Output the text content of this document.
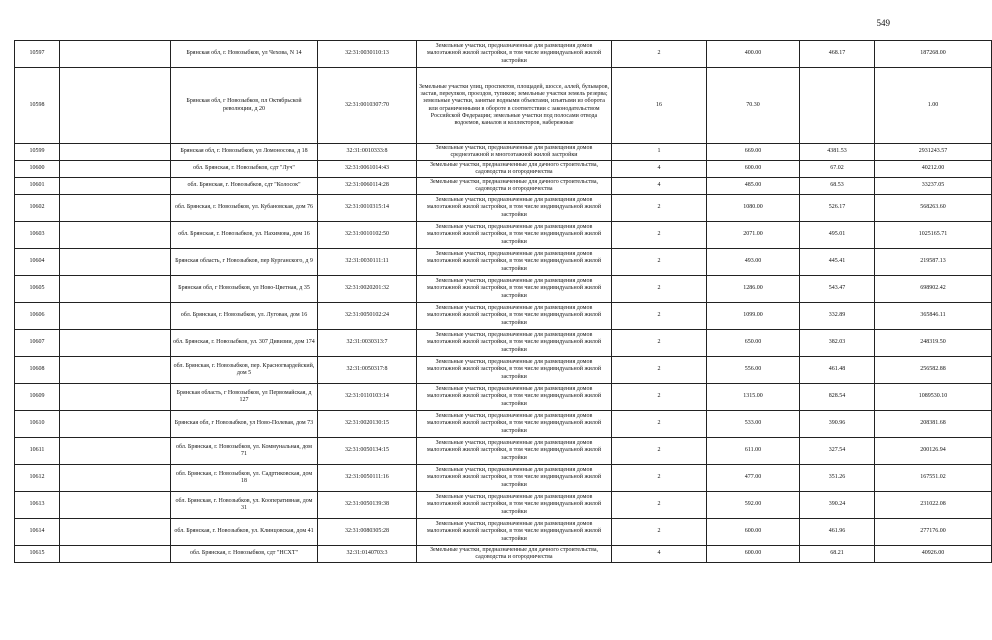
549
10597		Брянская обл, г. Новозыбков, ул Чехова, N 14	32:31:0030110:13	Земельные участки, предназначенные для размещения домов малоэтажной жилой застройки, в том числе индивидуальной жилой застройки	2	400.00	468.17	187268.00
10598		Брянская обл, г Новозыбков, пл Октябрьской революции, д 20	32:31:0010307:70	Земельные участки улиц, проспектов, площадей, шоссе, аллей, бульваров, застав, переулков, проездов, тупиков; земельные участки земель резерва; земельные участки, занятые водными объектами, изъятыми из оборота или ограниченными в обороте в соответствии с законодательством Российской Федерации; земельные участки под полосами отвода водоемов, каналов и коллекторов, набережные	16	70.30		1.00
10599		Брянская обл, г. Новозыбков, ул Ломоносова, д 18	32:31:0010333:8	Земельные участки, предназначенные для размещения домов среднеэтажной и многоэтажной жилой застройки	1	669.00	4381.53	2931243.57
10600		обл. Брянская, г. Новозыбков, сдт "Луч"	32:31:0061014:43	Земельные участки, предназначенные для дачного строительства, садоводства и огородничества	4	600.00	67.02	40212.00
10601		обл. Брянская, г. Новозыбков, сдт "Колосок"	32:31:0060114:28	Земельные участки, предназначенные для дачного строительства, садоводства и огородничества	4	485.00	68.53	33237.05
10602		обл. Брянская, г. Новозыбков, ул. Кубановская, дом 76	32:31:0010315:14	Земельные участки, предназначенные для размещения домов малоэтажной жилой застройки, в том числе индивидуальной жилой застройки	2	1080.00	526.17	568263.60
10603		обл. Брянская, г. Новозыбков, ул. Нахимова, дом 16	32:31:0010102:50	Земельные участки, предназначенные для размещения домов малоэтажной жилой застройки, в том числе индивидуальной жилой застройки	2	2071.00	495.01	1025165.71
10604		Брянская область, г Новозыбков, пер Курганского, д 9	32:31:0030111:11	Земельные участки, предназначенные для размещения домов малоэтажной жилой застройки, в том числе индивидуальной жилой застройки	2	493.00	445.41	219587.13
10605		Брянская обл, г Новозыбков, ул Ново-Цветная, д 35	32:31:0020201:32	Земельные участки, предназначенные для размещения домов малоэтажной жилой застройки, в том числе индивидуальной жилой застройки	2	1286.00	543.47	698902.42
10606		обл. Брянская, г. Новозыбков, ул. Луговая, дом 16	32:31:0050102:24	Земельные участки, предназначенные для размещения домов малоэтажной жилой застройки, в том числе индивидуальной жилой застройки	2	1099.00	332.89	365846.11
10607		обл. Брянская, г. Новозыбков, ул. 307 Дивизии, дом 174	32:31:0030313:7	Земельные участки, предназначенные для размещения домов малоэтажной жилой застройки, в том числе индивидуальной жилой застройки	2	650.00	382.03	248319.50
10608		обл. Брянская, г. Новозыбков, пер. Красногвардейский, дом 5	32:31:0050317:8	Земельные участки, предназначенные для размещения домов малоэтажной жилой застройки, в том числе индивидуальной жилой застройки	2	556.00	461.48	256582.88
10609		Брянская область, г Новозыбков, ул Первомайская, д 127	32:31:0110103:14	Земельные участки, предназначенные для размещения домов малоэтажной жилой застройки, в том числе индивидуальной жилой застройки	2	1315.00	828.54	1089530.10
10610		Брянская обл, г Новозыбков, ул Ново-Полевая, дом 73	32:31:0020130:15	Земельные участки, предназначенные для размещения домов малоэтажной жилой застройки, в том числе индивидуальной жилой застройки	2	533.00	390.96	208381.68
10611		обл. Брянская, г. Новозыбков, ул. Коммунальная, дом 71	32:31:0050134:15	Земельные участки, предназначенные для размещения домов малоэтажной жилой застройки, в том числе индивидуальной жилой застройки	2	611.00	327.54	200126.94
10612		обл. Брянская, г. Новозыбков, ул. Садртиковская, дом 18	32:31:0050111:16	Земельные участки, предназначенные для размещения домов малоэтажной жилой застройки, в том числе индивидуальной жилой застройки	2	477.00	351.26	167551.02
10613		обл. Брянская, г. Новозыбков, ул. Кооперативная, дом 31	32:31:0050139:38	Земельные участки, предназначенные для размещения домов малоэтажной жилой застройки, в том числе индивидуальной жилой застройки	2	592.00	390.24	231022.08
10614		обл. Брянская, г. Новозыбков, ул. Клинцовская, дом 41	32:31:0080305:28	Земельные участки, предназначенные для размещения домов малоэтажной жилой застройки, в том числе индивидуальной жилой застройки	2	600.00	461.96	277176.00
10615		обл. Брянская, г. Новозыбков, сдт "НСХТ"	32:31:0140703:3	Земельные участки, предназначенные для дачного строительства, садоводства и огородничества	4	600.00	68.21	40926.00
